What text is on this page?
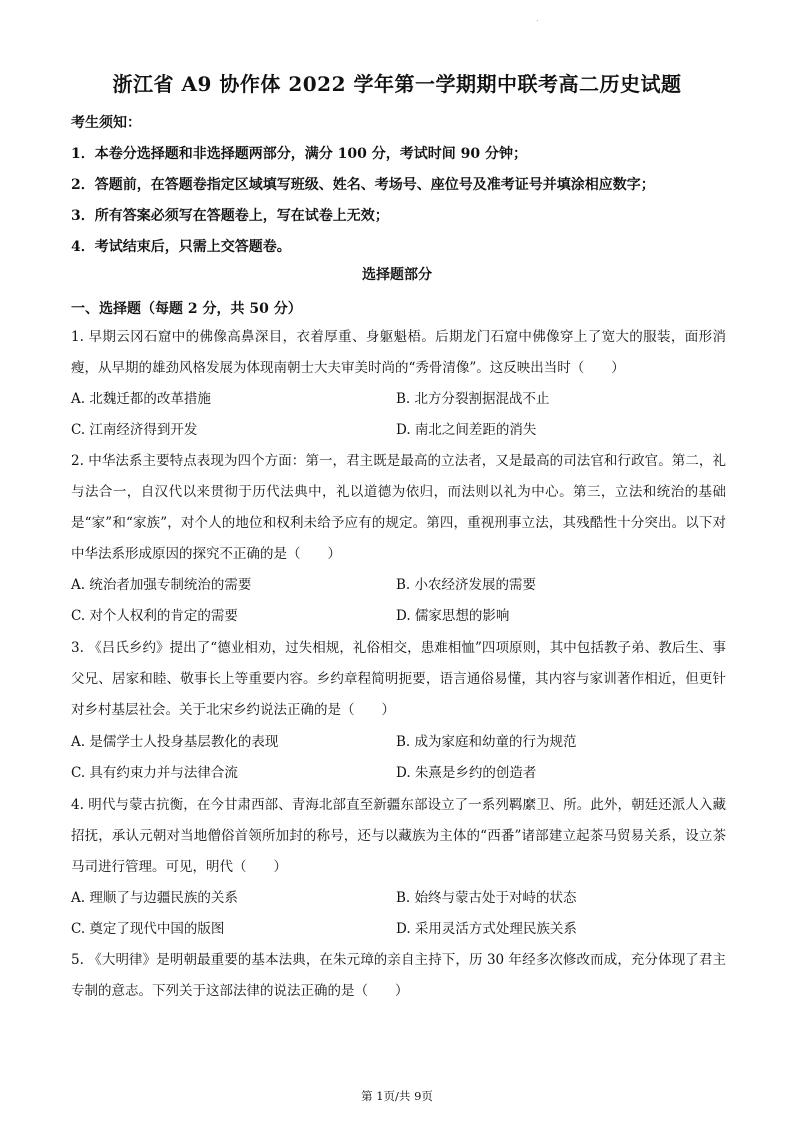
.
浙江省 A9 协作体 2022 学年第一学期期中联考高二历史试题
考生须知：
1．本卷分选择题和非选择题两部分，满分 100 分，考试时间 90 分钟；
2．答题前，在答题卷指定区域填写班级、姓名、考场号、座位号及准考证号并填涂相应数字；
3．所有答案必须写在答题卷上，写在试卷上无效；
4．考试结束后，只需上交答题卷。
选择题部分
一、选择题（每题 2 分，共 50 分）
1. 早期云冈石窟中的佛像高鼻深目，衣着厚重、身躯魁梧。后期龙门石窟中佛像穿上了宽大的服装，面形消瘦，从早期的雄劲风格发展为体现南朝士大夫审美时尚的“秀骨清像”。这反映出当时（　　）
A. 北魏迁都的改革措施	B. 北方分裂割据混战不止
C. 江南经济得到开发	D. 南北之间差距的消失
2. 中华法系主要特点表现为四个方面：第一，君主既是最高的立法者，又是最高的司法官和行政官。第二，礼与法合一，自汉代以来贯彻于历代法典中，礼以道德为依归，而法则以礼为中心。第三，立法和统治的基础是“家”和“家族”，对个人的地位和权利未给予应有的规定。第四，重视刑事立法，其残酷性十分突出。以下对中华法系形成原因的探究不正确的是（　　）
A. 统治者加强专制统治的需要	B. 小农经济发展的需要
C. 对个人权利的肯定的需要	D. 儒家思想的影响
3. 《吕氏乡约》提出了“德业相劝，过失相规，礼俗相交，患难相恤”四项原则，其中包括教子弟、教后生、事父兄、居家和睦、敬事长上等重要内容。乡约章程简明扼要，语言通俗易懂，其内容与家训著作相近，但更针对乡村基层社会。关于北宋乡约说法正确的是（　　）
A. 是儒学士人投身基层教化的表现	B. 成为家庭和幼童的行为规范
C. 具有约束力并与法律合流	D. 朱熹是乡约的创造者
4. 明代与蒙古抗衡，在今甘肃西部、青海北部直至新疆东部设立了一系列羁縻卫、所。此外，朝廷还派人入藏招抚，承认元朝对当地僧俗首领所加封的称号，还与以藏族为主体的“西番”诸部建立起茶马贸易关系，设立茶马司进行管理。可见，明代（　　）
A. 理顺了与边疆民族的关系	B. 始终与蒙古处于对峙的状态
C. 奠定了现代中国的版图	D. 采用灵活方式处理民族关系
5. 《大明律》是明朝最重要的基本法典，在朱元璋的亲自主持下，历 30 年经多次修改而成，充分体现了君主专制的意志。下列关于这部法律的说法正确的是（　　）
第 1页/共 9页
